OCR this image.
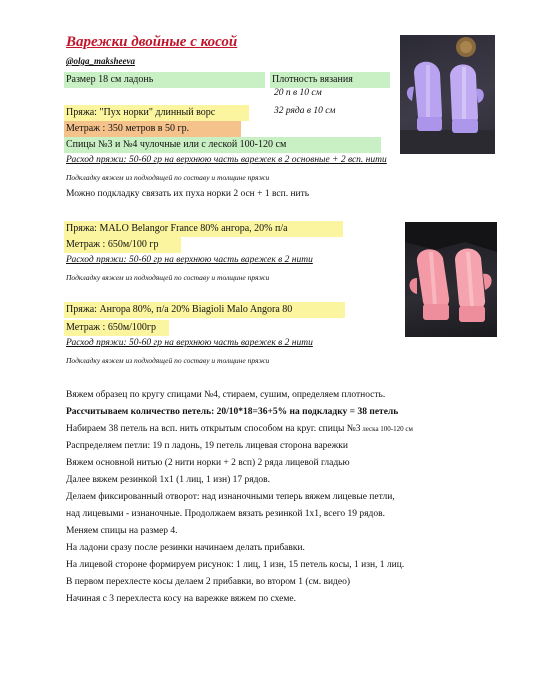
Варежки двойные с косой
@olga_maksheeva
Размер 18 см ладонь	Плотность вязания
20 п в 10 см
32 ряда в 10 см
Пряжа: "Пух норки" длинный ворс
Метраж : 350 метров в 50 гр.
Спицы №3 и №4 чулочные или с леской 100-120 см
Расход пряжи: 50-60 гр на верхнюю часть варежек в 2 основные + 2 всп. нити
Подкладку вяжем из подходящей по составу и толщине пряжи
Можно подкладку связать их пуха норки 2 осн + 1 всп. нить
Пряжа: MALO Belangor France 80% ангора, 20% п/а
Метраж : 650м/100 гр
Расход пряжи: 50-60 гр на верхнюю часть варежек в 2 нити
Подкладку вяжем из подходящей по составу и толщине пряжи
Пряжа: Ангора 80%, п/а 20% Biagioli Malo Angora 80
Метраж : 650м/100гр
Расход пряжи: 50-60 гр на верхнюю часть варежек в 2 нити
Подкладку вяжем из подходящей по составу и толщине пряжи
Вяжем образец по кругу спицами №4, стираем, сушим, определяем плотность.
Рассчитываем количество петель: 20/10*18=36+5% на подкладку = 38 петель
Набираем 38 петель на всп. нить открытым способом на круг. спицы №3 леска 100-120 см
Распределяем петли: 19 п ладонь, 19 петель лицевая сторона варежки
Вяжем основной нитью (2 нити норки + 2 всп) 2 ряда лицевой гладью
Далее вяжем резинкой 1х1 (1 лиц, 1 изн) 17 рядов.
Делаем фиксированный отворот: над изнаночными теперь вяжем лицевые петли,
над лицевыми - изнаночные. Продолжаем вязать резинкой 1х1, всего 19 рядов.
Меняем спицы на размер 4.
На ладони сразу после резинки начинаем делать прибавки.
На лицевой стороне формируем рисунок: 1 лиц, 1 изн, 15 петель косы, 1 изн, 1 лиц.
В первом перехлесте косы делаем 2 прибавки, во втором 1 (см. видео)
Начиная с 3 перехлеста косу на варежке вяжем по схеме.
